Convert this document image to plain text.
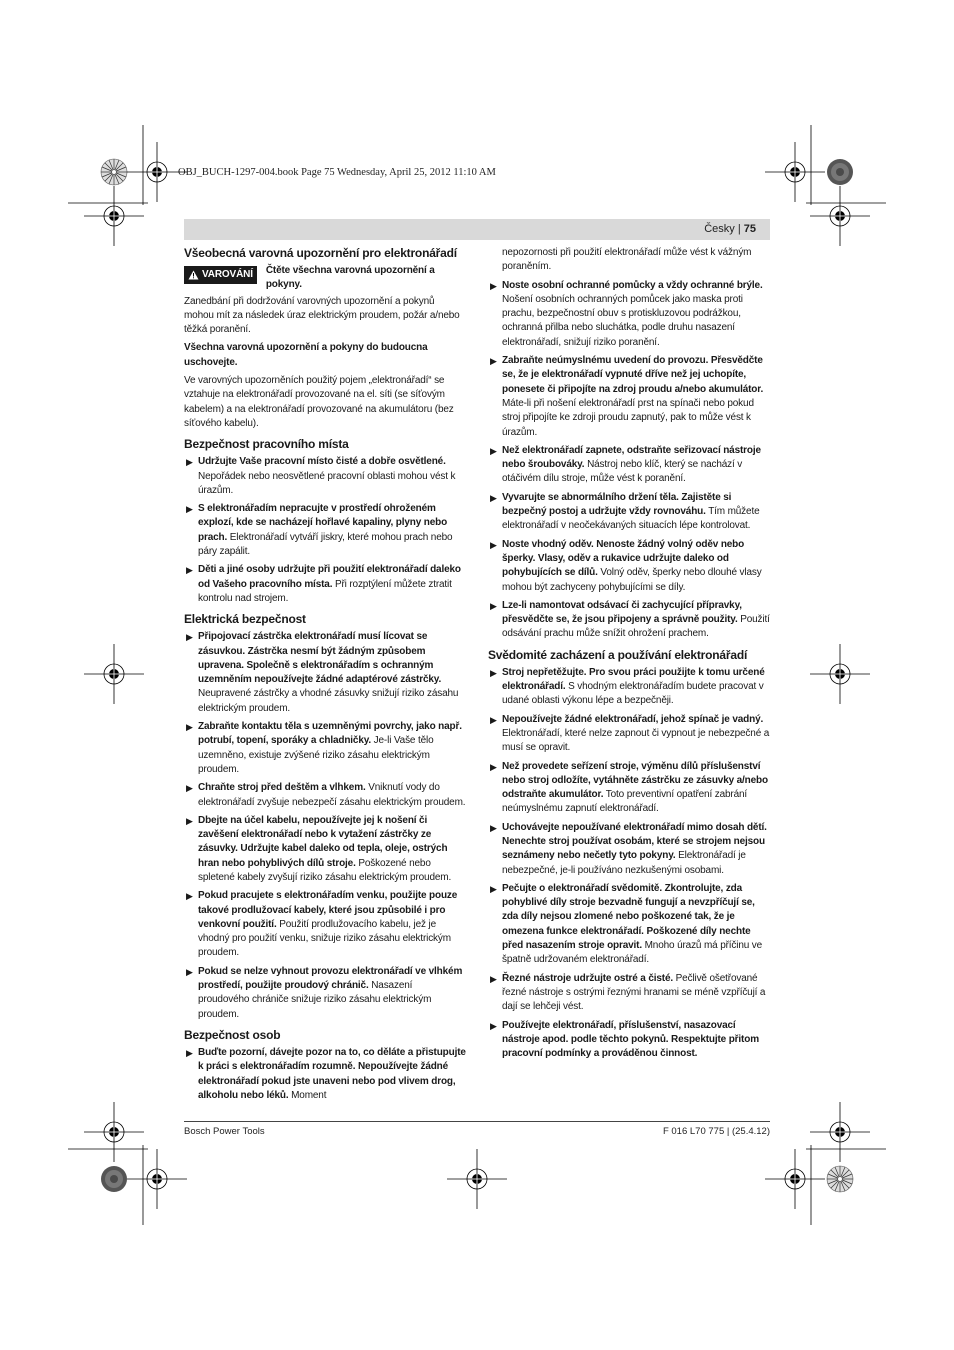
OBJ_BUCH-1297-004.book Page 75 Wednesday, April 25, 2012 11:10 AM
Česky | 75
Všeobecná varovná upozornění pro elektronářadí
VAROVÁNÍ Čtěte všechna varovná upozornění a pokyny.
Zanedbání při dodržování varovných upozornění a pokynů mohou mít za následek úraz elektrickým proudem, požár a/nebo těžká poranění.
Všechna varovná upozornění a pokyny do budoucna uschovejte.
Ve varovných upozorněních použitý pojem „elektronářadí“ se vztahuje na elektronářadí provozované na el. síti (se síťovým kabelem) a na elektronářadí provozované na akumulátoru (bez síťového kabelu).
Bezpečnost pracovního místa
▶ Udržujte Vaše pracovní místo čisté a dobře osvětlené. Nepořádek nebo neosvětlené pracovní oblasti mohou vést k úrazům.
▶ S elektronářadím nepracujte v prostředí ohroženém explozí, kde se nacházejí hořlavé kapaliny, plyny nebo prach. Elektronářadí vytváří jiskry, které mohou prach nebo páry zapálit.
▶ Děti a jiné osoby udržujte při použití elektronářadí daleko od Vašeho pracovního místa. Při rozptýlení můžete ztratit kontrolu nad strojem.
Elektrická bezpečnost
▶ Připojovací zástrčka elektronářadí musí lícovat se zásuvkou. Zástrčka nesmí být žádným způsobem upravena. Společně s elektronářadím s ochranným uzemněním nepoužívejte žádné adaptérové zástrčky. Neupravené zástrčky a vhodné zásuvky snižují riziko zásahu elektrickým proudem.
▶ Zabraňte kontaktu těla s uzemněnými povrchy, jako např. potrubí, topení, sporáky a chladničky. Je-li Vaše tělo uzemněno, existuje zvýšené riziko zásahu elektrickým proudem.
▶ Chraňte stroj před deštěm a vlhkem. Vniknutí vody do elektronářadí zvyšuje nebezpečí zásahu elektrickým proudem.
▶ Dbejte na účel kabelu, nepoužívejte jej k nošení či zavěšení elektronářadí nebo k vytažení zástrčky ze zásuvky. Udržujte kabel daleko od tepla, oleje, ostrých hran nebo pohyblivých dílů stroje. Poškozené nebo spletené kabely zvyšují riziko zásahu elektrickým proudem.
▶ Pokud pracujete s elektronářadím venku, použijte pouze takové prodlužovací kabely, které jsou způsobilé i pro venkovní použití. Použití prodlužovacího kabelu, jež je vhodný pro použití venku, snižuje riziko zásahu elektrickým proudem.
▶ Pokud se nelze vyhnout provozu elektronářadí ve vlhkém prostředí, použijte proudový chránič. Nasazení proudového chrániče snižuje riziko zásahu elektrickým proudem.
Bezpečnost osob
▶ Buďte pozorní, dávejte pozor na to, co děláte a přistupujte k práci s elektronářadím rozumně. Nepoužívejte žádné elektronářadí pokud jste unaveni nebo pod vlivem drog, alkoholu nebo léků. Moment
nepozornosti při použití elektronářadí může vést k vážným poraněním.
▶ Noste osobní ochranné pomůcky a vždy ochranné brýle. Nošení osobních ochranných pomůcek jako maska proti prachu, bezpečnostní obuv s protiskluzovou podrážkou, ochranná přilba nebo sluchátka, podle druhu nasazení elektronářadí, snižují riziko poranění.
▶ Zabraňte neúmyslnému uvedení do provozu. Přesvědčte se, že je elektronářadí vypnuté dříve než jej uchopíte, ponesete či připojíte na zdroj proudu a/nebo akumulátor. Máte-li při nošení elektronářadí prst na spínači nebo pokud stroj připojíte ke zdroji proudu zapnutý, pak to může vést k úrazům.
▶ Než elektronářadí zapnete, odstraňte seřizovací nástroje nebo šroubováky. Nástroj nebo klíč, který se nachází v otáčivém dílu stroje, může vést k poranění.
▶ Vyvarujte se abnormálního držení těla. Zajistěte si bezpečný postoj a udržujte vždy rovnováhu. Tím můžete elektronářadí v neočekávaných situacích lépe kontrolovat.
▶ Noste vhodný oděv. Nenoste žádný volný oděv nebo šperky. Vlasy, oděv a rukavice udržujte daleko od pohybujících se dílů. Volný oděv, šperky nebo dlouhé vlasy mohou být zachyceny pohybujícími se díly.
▶ Lze-li namontovat odsávací či zachycující přípravky, přesvědčte se, že jsou připojeny a správně použity. Použití odsávání prachu může snížit ohrožení prachem.
Svědomité zacházení a používání elektronářadí
▶ Stroj nepřetěžujte. Pro svou práci použijte k tomu určené elektronářadí. S vhodným elektronářadím budete pracovat v udané oblasti výkonu lépe a bezpečněji.
▶ Nepoužívejte žádné elektronářadí, jehož spínač je vadný. Elektronářadí, které nelze zapnout či vypnout je nebezpečné a musí se opravit.
▶ Než provedete seřízení stroje, výměnu dílů příslušenství nebo stroj odložíte, vytáhněte zástrčku ze zásuvky a/nebo odstraňte akumulátor. Toto preventivní opatření zabrání neúmyslnému zapnutí elektronářadí.
▶ Uchovávejte nepoužívané elektronářadí mimo dosah dětí. Nenechte stroj používat osobám, které se strojem nejsou seznámeny nebo nečetly tyto pokyny. Elektronářadí je nebezpečné, je-li používáno nezkušenými osobami.
▶ Pečujte o elektronářadí svědomitě. Zkontrolujte, zda pohyblivé díly stroje bezvadně fungují a nevzpříčují se, zda díly nejsou zlomené nebo poškozené tak, že je omezena funkce elektronářadí. Poškozené díly nechte před nasazením stroje opravit. Mnoho úrazů má příčinu ve špatně udržovaném elektronářadí.
▶ Řezné nástroje udržujte ostré a čisté. Pečlivě ošetřované řezné nástroje s ostrými řeznými hranami se méně vzpříčují a dají se lehčeji vést.
▶ Používejte elektronářadí, příslušenství, nasazovací nástroje apod. podle těchto pokynů. Respektujte přitom pracovní podmínky a prováděnou činnost.
Bosch Power Tools	F 016 L70 775 | (25.4.12)
